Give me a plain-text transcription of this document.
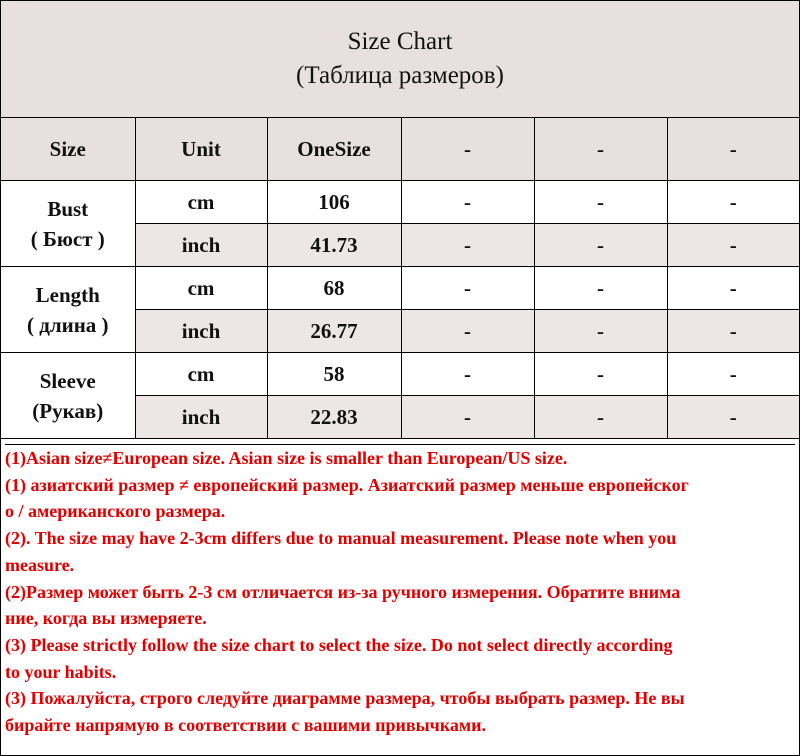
Size Chart
(Таблица размеров)
Size	Unit	OneSize	-	-	-

Bust
( Бюст )	cm	106	-	-	-
	inch	41.73	-	-	-

Length
( длина )	cm	68	-	-	-
	inch	26.77	-	-	-

Sleeve
(Рукав)	cm	58	-	-	-
	inch	22.83	-	-	-
(1)Asian size≠European size. Asian size is smaller than European/US size.
(1) азиатский размер ≠ европейский размер. Азиатский размер меньше европейског
о / американского размера.
(2). The size may have 2-3cm differs due to manual measurement. Please note when you
measure.
(2)Размер может быть 2-3 см отличается из-за ручного измерения. Обратите внима
ние, когда вы измеряете.
(3) Please strictly follow the size chart to select the size. Do not select directly according
to your habits.
(3) Пожалуйста, строго следуйте диаграмме размера, чтобы выбрать размер. Не вы
бирайте напрямую в соответствии с вашими привычками.
